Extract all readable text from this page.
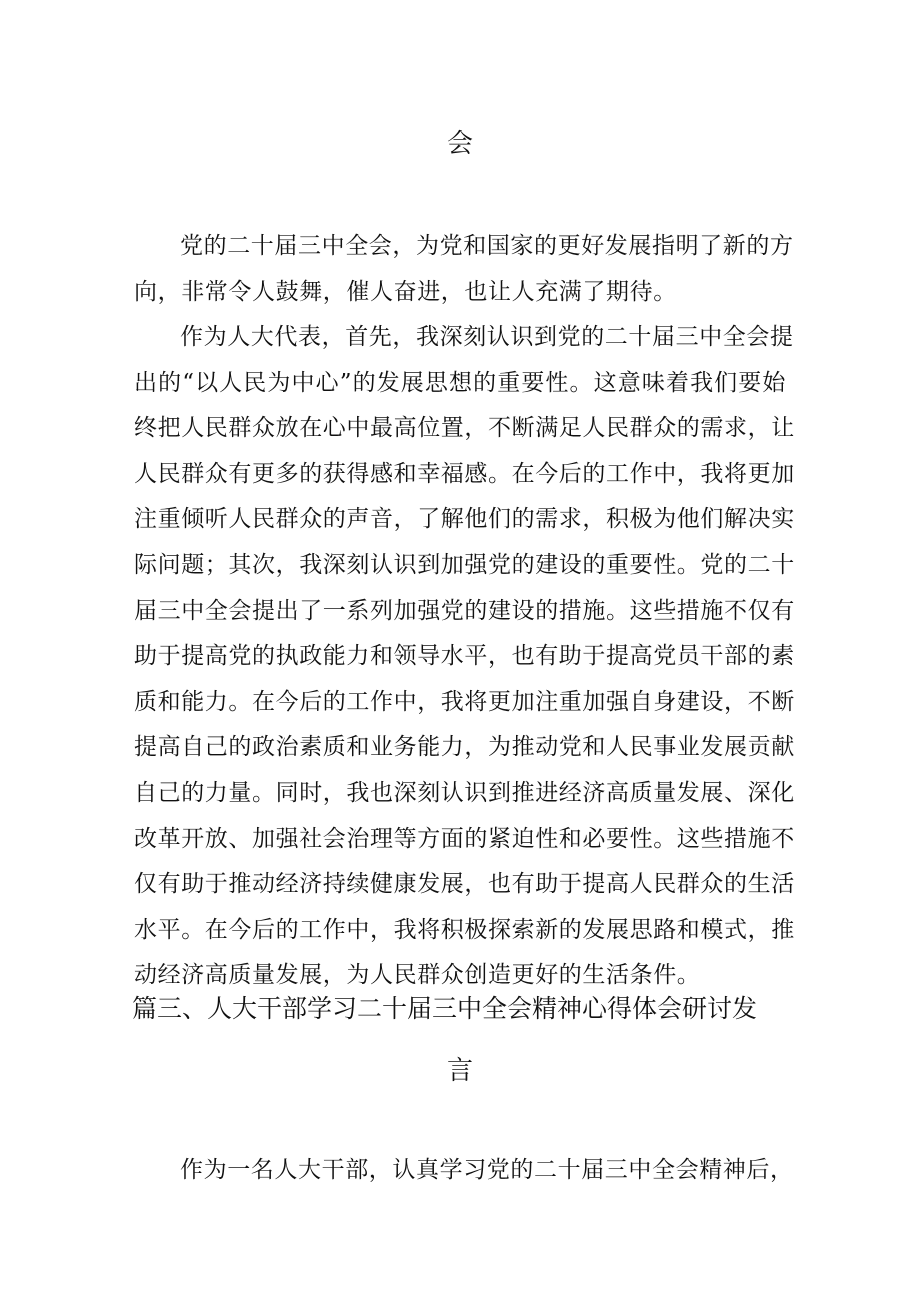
会
党的二十届三中全会，为党和国家的更好发展指明了新的方
向，非常令人鼓舞，催人奋进，也让人充满了期待。
作为人大代表，首先，我深刻认识到党的二十届三中全会提
出的“以人民为中心”的发展思想的重要性。这意味着我们要始
终把人民群众放在心中最高位置，不断满足人民群众的需求，让
人民群众有更多的获得感和幸福感。在今后的工作中，我将更加
注重倾听人民群众的声音，了解他们的需求，积极为他们解决实
际问题；其次，我深刻认识到加强党的建设的重要性。党的二十
届三中全会提出了一系列加强党的建设的措施。这些措施不仅有
助于提高党的执政能力和领导水平，也有助于提高党员干部的素
质和能力。在今后的工作中，我将更加注重加强自身建设，不断
提高自己的政治素质和业务能力，为推动党和人民事业发展贡献
自己的力量。同时，我也深刻认识到推进经济高质量发展、深化
改革开放、加强社会治理等方面的紧迫性和必要性。这些措施不
仅有助于推动经济持续健康发展，也有助于提高人民群众的生活
水平。在今后的工作中，我将积极探索新的发展思路和模式，推
动经济高质量发展，为人民群众创造更好的生活条件。
篇三、人大干部学习二十届三中全会精神心得体会研讨发
言
作为一名人大干部，认真学习党的二十届三中全会精神后，
